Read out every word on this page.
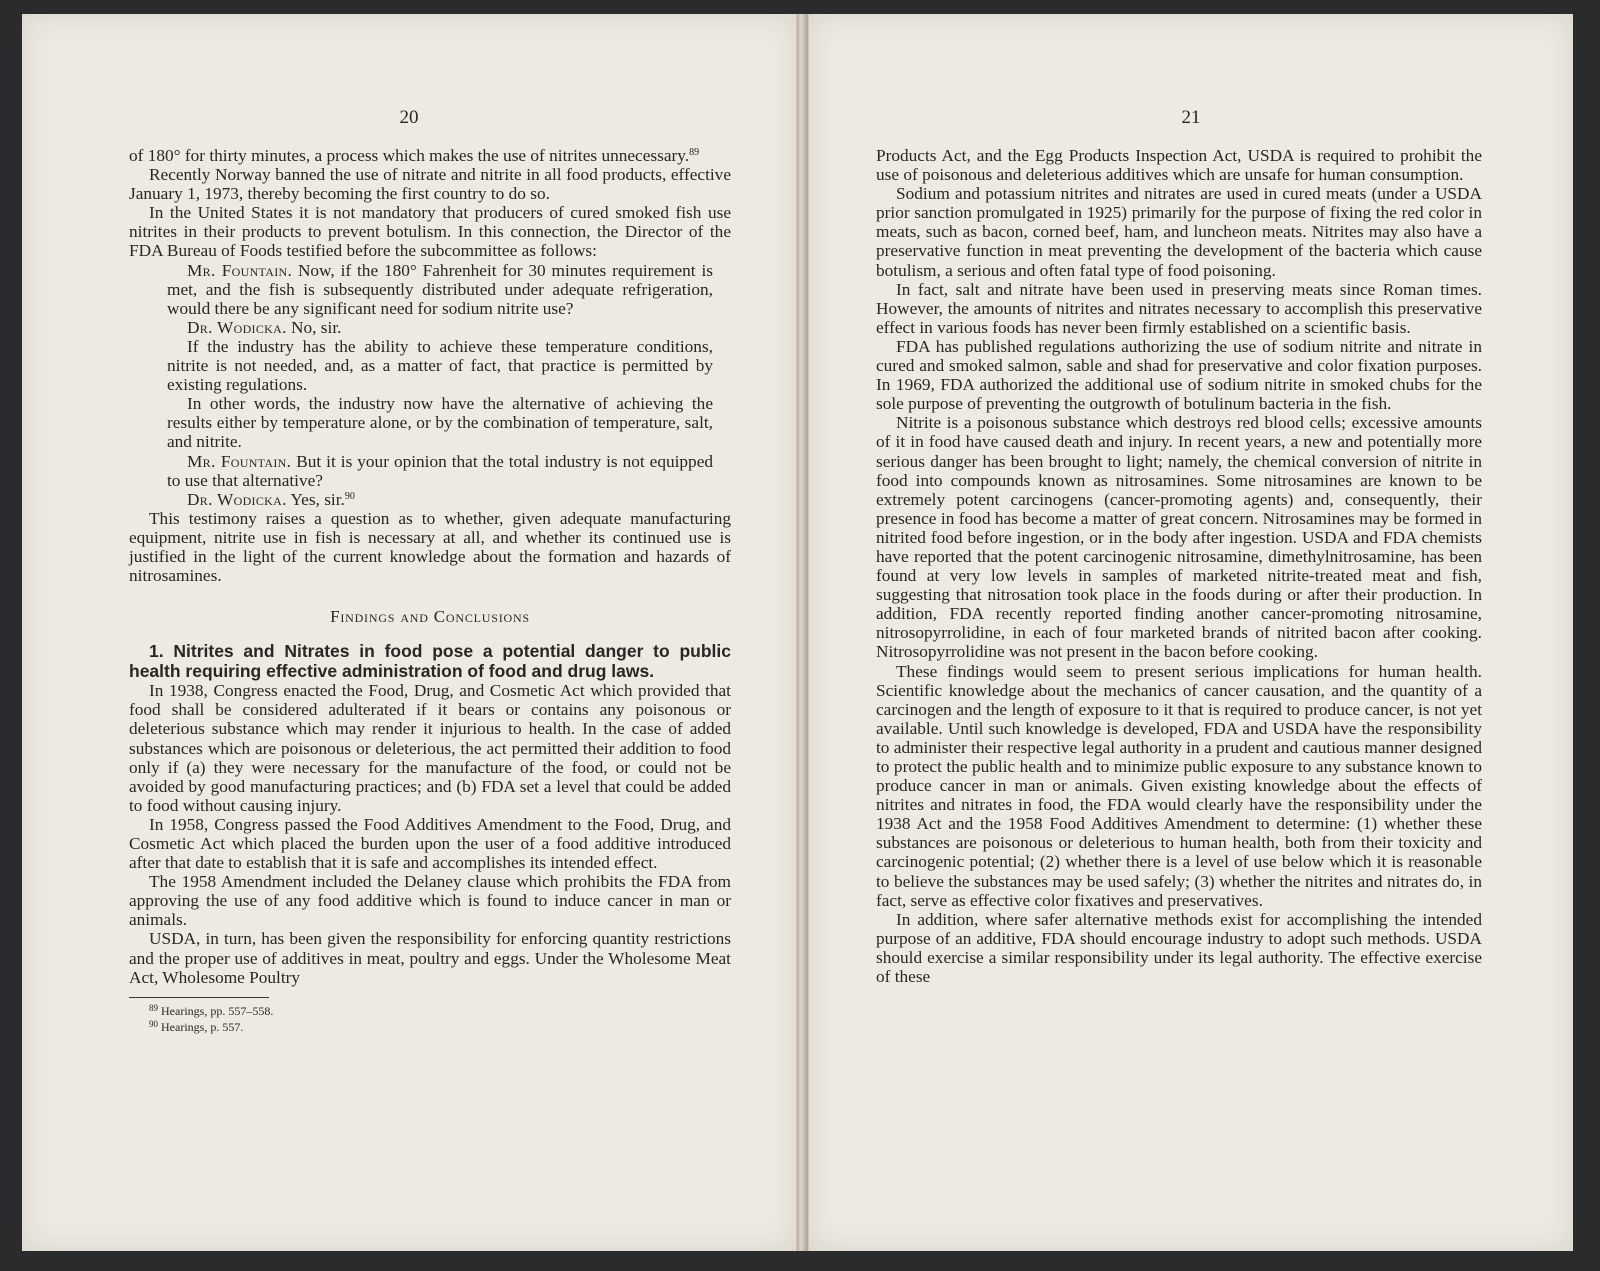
20

of 180° for thirty minutes, a process which makes the use of nitrites unnecessary.$^{89}$

Recently Norway banned the use of nitrate and nitrite in all food products, effective January 1, 1973, thereby becoming the first country to do so.

In the United States it is not mandatory that producers of cured smoked fish use nitrites in their products to prevent botulism. In this connection, the Director of the FDA Bureau of Foods testified before the subcommittee as follows:

Mr. Fountain. Now, if the 180° Fahrenheit for 30 minutes requirement is met, and the fish is subsequently distributed under adequate refrigeration, would there be any significant need for sodium nitrite use?

Dr. Wodicka. No, sir.

If the industry has the ability to achieve these temperature conditions, nitrite is not needed, and, as a matter of fact, that practice is permitted by existing regulations.

In other words, the industry now have the alternative of achieving the results either by temperature alone, or by the combination of temperature, salt, and nitrite.

Mr. Fountain. But it is your opinion that the total industry is not equipped to use that alternative?

Dr. Wodicka. Yes, sir.$^{90}$

This testimony raises a question as to whether, given adequate manufacturing equipment, nitrite use in fish is necessary at all, and whether its continued use is justified in the light of the current knowledge about the formation and hazards of nitrosamines.

Findings and Conclusions

1. Nitrites and Nitrates in food pose a potential danger to public health requiring effective administration of food and drug laws.

In 1938, Congress enacted the Food, Drug, and Cosmetic Act which provided that food shall be considered adulterated if it bears or contains any poisonous or deleterious substance which may render it injurious to health. In the case of added substances which are poisonous or deleterious, the act permitted their addition to food only if (a) they were necessary for the manufacture of the food, or could not be avoided by good manufacturing practices; and (b) FDA set a level that could be added to food without causing injury.

In 1958, Congress passed the Food Additives Amendment to the Food, Drug, and Cosmetic Act which placed the burden upon the user of a food additive introduced after that date to establish that it is safe and accomplishes its intended effect.

The 1958 Amendment included the Delaney clause which prohibits the FDA from approving the use of any food additive which is found to induce cancer in man or animals.

USDA, in turn, has been given the responsibility for enforcing quantity restrictions and the proper use of additives in meat, poultry and eggs. Under the Wholesome Meat Act, Wholesome Poultry

$^{89}$ Hearings, pp. 557–558.

$^{90}$ Hearings, p. 557.

21

Products Act, and the Egg Products Inspection Act, USDA is required to prohibit the use of poisonous and deleterious additives which are unsafe for human consumption.

Sodium and potassium nitrites and nitrates are used in cured meats (under a USDA prior sanction promulgated in 1925) primarily for the purpose of fixing the red color in meats, such as bacon, corned beef, ham, and luncheon meats. Nitrites may also have a preservative function in meat preventing the development of the bacteria which cause botulism, a serious and often fatal type of food poisoning.

In fact, salt and nitrate have been used in preserving meats since Roman times. However, the amounts of nitrites and nitrates necessary to accomplish this preservative effect in various foods has never been firmly established on a scientific basis.

FDA has published regulations authorizing the use of sodium nitrite and nitrate in cured and smoked salmon, sable and shad for preservative and color fixation purposes. In 1969, FDA authorized the additional use of sodium nitrite in smoked chubs for the sole purpose of preventing the outgrowth of botulinum bacteria in the fish.

Nitrite is a poisonous substance which destroys red blood cells; excessive amounts of it in food have caused death and injury. In recent years, a new and potentially more serious danger has been brought to light; namely, the chemical conversion of nitrite in food into compounds known as nitrosamines. Some nitrosamines are known to be extremely potent carcinogens (cancer-promoting agents) and, consequently, their presence in food has become a matter of great concern. Nitrosamines may be formed in nitrited food before ingestion, or in the body after ingestion. USDA and FDA chemists have reported that the potent carcinogenic nitrosamine, dimethylnitrosamine, has been found at very low levels in samples of marketed nitrite-treated meat and fish, suggesting that nitrosation took place in the foods during or after their production. In addition, FDA recently reported finding another cancer-promoting nitrosamine, nitrosopyrrolidine, in each of four marketed brands of nitrited bacon after cooking. Nitrosopyrrolidine was not present in the bacon before cooking.

These findings would seem to present serious implications for human health. Scientific knowledge about the mechanics of cancer causation, and the quantity of a carcinogen and the length of exposure to it that is required to produce cancer, is not yet available. Until such knowledge is developed, FDA and USDA have the responsibility to administer their respective legal authority in a prudent and cautious manner designed to protect the public health and to minimize public exposure to any substance known to produce cancer in man or animals. Given existing knowledge about the effects of nitrites and nitrates in food, the FDA would clearly have the responsibility under the 1938 Act and the 1958 Food Additives Amendment to determine: (1) whether these substances are poisonous or deleterious to human health, both from their toxicity and carcinogenic potential; (2) whether there is a level of use below which it is reasonable to believe the substances may be used safely; (3) whether the nitrites and nitrates do, in fact, serve as effective color fixatives and preservatives.

In addition, where safer alternative methods exist for accomplishing the intended purpose of an additive, FDA should encourage industry to adopt such methods. USDA should exercise a similar responsibility under its legal authority. The effective exercise of these
